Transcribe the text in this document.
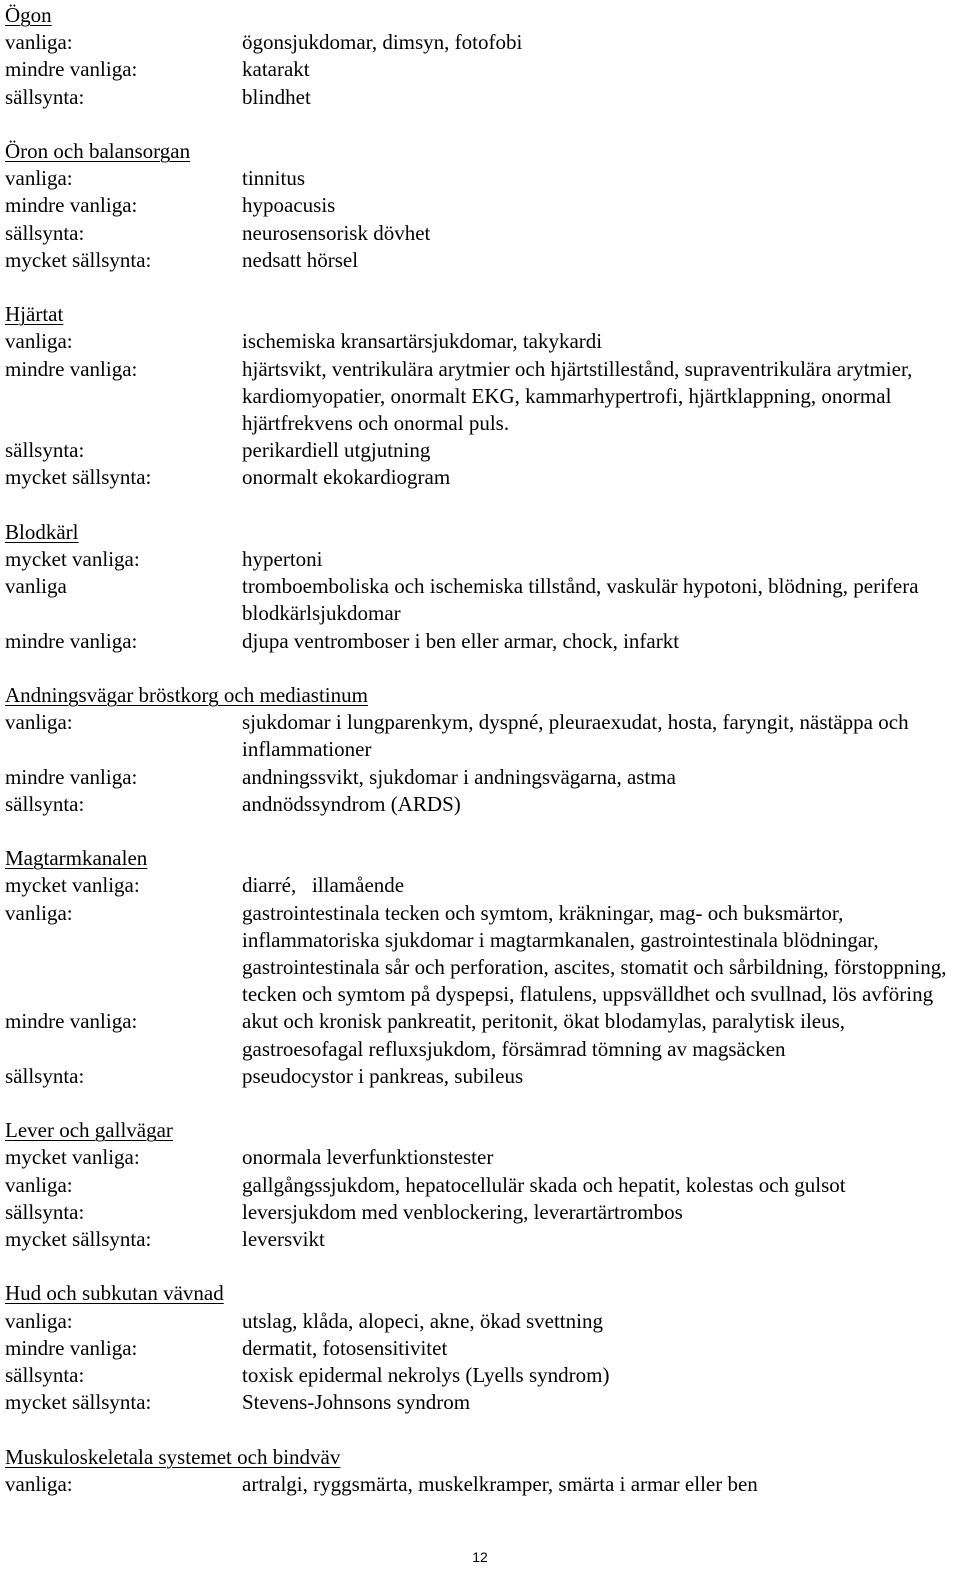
Ögon
vanliga:	ögonsjukdomar, dimsyn, fotofobi
mindre vanliga:	katarakt
sällsynta:	blindhet
Öron och balansorgan
vanliga:	tinnitus
mindre vanliga:	hypoacusis
sällsynta:	neurosensorisk dövhet
mycket sällsynta:	nedsatt hörsel
Hjärtat
vanliga:	ischemiska kransartärsjukdomar, takykardi
mindre vanliga:	hjärtsvikt, ventrikulära arytmier och hjärtstillestånd, supraventrikulära arytmier, kardiomyopatier, onormalt EKG, kammarhypertrofi, hjärtklappning, onormal hjärtfrekvens och onormal puls.
sällsynta:	perikardiell utgjutning
mycket sällsynta:	onormalt ekokardiogram
Blodkärl
mycket vanliga:	hypertoni
vanliga	tromboemboliska och ischemiska tillstånd, vaskulär hypotoni, blödning, perifera blodkärlsjukdomar
mindre vanliga:	djupa ventromboser i ben eller armar, chock, infarkt
Andningsvägar bröstkorg och mediastinum
vanliga:	sjukdomar i lungparenkym, dyspné, pleuraexudat, hosta, faryngit, nästäppa och inflammationer
mindre vanliga:	andningssvikt, sjukdomar i andningsvägarna, astma
sällsynta:	andnödssyndrom (ARDS)
Magtarmkanalen
mycket vanliga:	diarré,   illamående
vanliga:	gastrointestinala tecken och symtom, kräkningar, mag- och buksmärtor, inflammatoriska sjukdomar i magtarmkanalen, gastrointestinala blödningar, gastrointestinala sår och perforation, ascites, stomatit och sårbildning, förstoppning, tecken och symtom på dyspepsi, flatulens, uppsvälldhet och svullnad, lös avföring
mindre vanliga:	akut och kronisk pankreatit, peritonit, ökat blodamylas, paralytisk ileus, gastroesofagal refluxsjukdom, försämrad tömning av magsäcken
sällsynta:	pseudocystor i pankreas, subileus
Lever och gallvägar
mycket vanliga:	onormala leverfunktionstester
vanliga:	gallgångssjukdom, hepatocellulär skada och hepatit, kolestas och gulsot
sällsynta:	leversjukdom med venblockering, leverartärtrombos
mycket sällsynta:	leversvikt
Hud och subkutan vävnad
vanliga:	utslag, klåda, alopeci, akne, ökad svettning
mindre vanliga:	dermatit, fotosensitivitet
sällsynta:	toxisk epidermal nekrolys (Lyells syndrom)
mycket sällsynta:	Stevens-Johnsons syndrom
Muskuloskeletala systemet och bindväv
vanliga:	artralgi, ryggsmärta, muskelkramper, smärta i armar eller ben
12
